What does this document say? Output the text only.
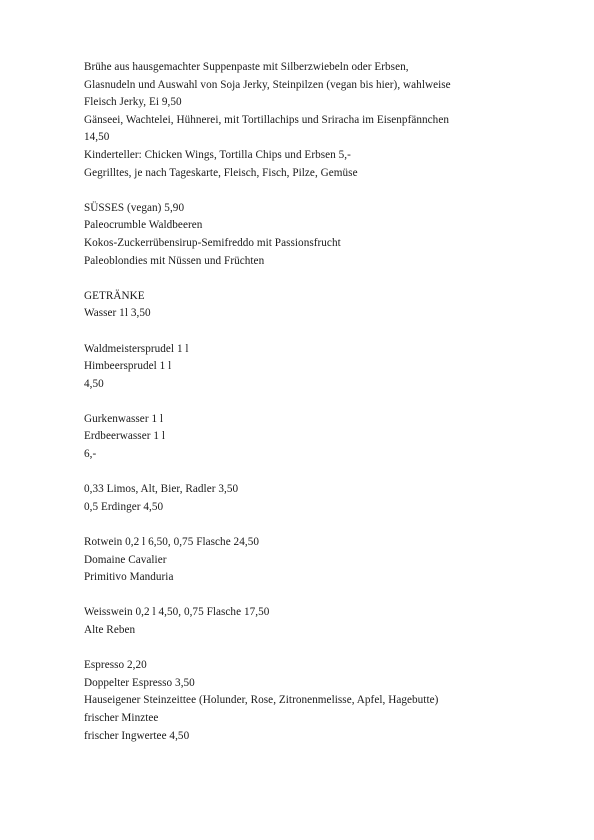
Brühe aus hausgemachter Suppenpaste mit Silberzwiebeln oder Erbsen,
Glasnudeln und Auswahl von Soja Jerky, Steinpilzen (vegan bis hier), wahlweise
Fleisch Jerky, Ei 9,50
Gänseei, Wachtelei, Hühnerei, mit Tortillachips und Sriracha im Eisenpfännchen
14,50
Kinderteller: Chicken Wings, Tortilla Chips und Erbsen 5,-
Gegrilltes, je nach Tageskarte, Fleisch, Fisch, Pilze, Gemüse
SÜSSES (vegan) 5,90
Paleocrumble Waldbeeren
Kokos-Zuckerrübensirup-Semifreddo mit Passionsfrucht
Paleoblondies mit Nüssen und Früchten
GETRÄNKE
Wasser 1l 3,50
Waldmeistersprudel 1 l
Himbeersprudel 1 l
4,50
Gurkenwasser 1 l
Erdbeerwasser 1 l
6,-
0,33 Limos, Alt, Bier, Radler 3,50
0,5 Erdinger 4,50
Rotwein 0,2 l 6,50, 0,75 Flasche 24,50
Domaine Cavalier
Primitivo Manduria
Weisswein 0,2 l 4,50, 0,75 Flasche 17,50
Alte Reben
Espresso 2,20
Doppelter Espresso 3,50
Hauseigener Steinzeittee (Holunder, Rose, Zitronenmelisse, Apfel, Hagebutte)
frischer Minztee
frischer Ingwertee 4,50
